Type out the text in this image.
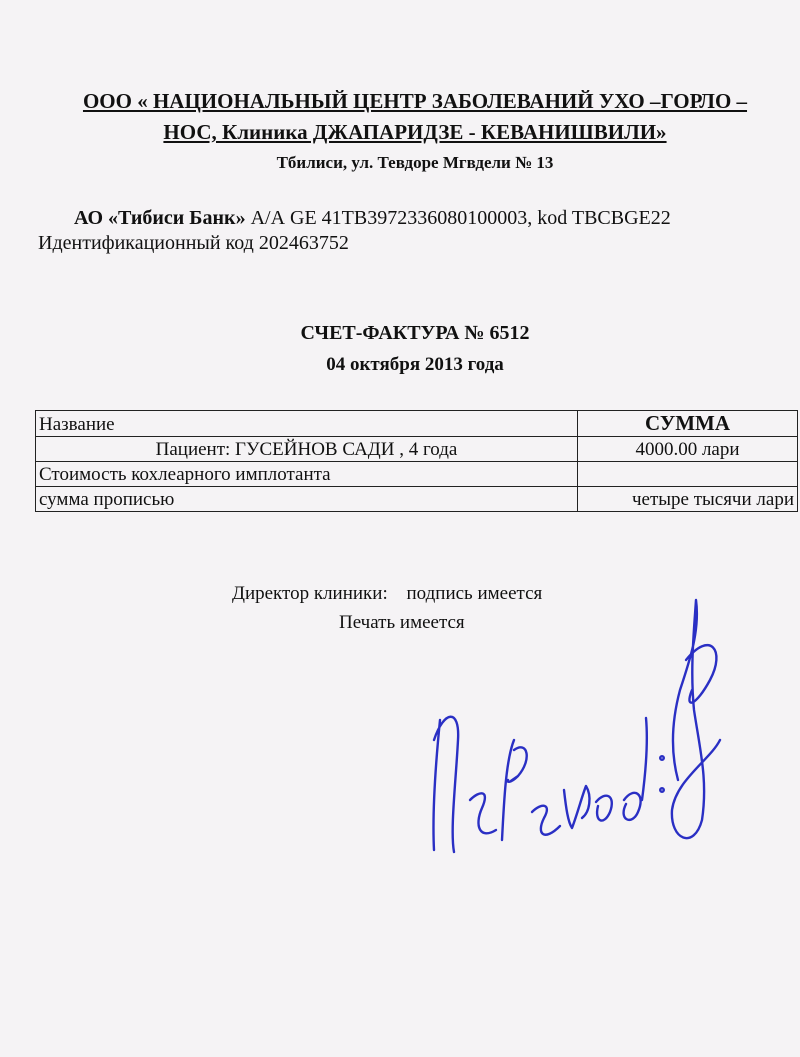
ООО « НАЦИОНАЛЬНЫЙ ЦЕНТР ЗАБОЛЕВАНИЙ УХО –ГОРЛО –
НОС, Клиника ДЖАПАРИДЗЕ - КЕВАНИШВИЛИ»
Тбилиси, ул. Тевдоре Мгвдели № 13
АО «Тибиси Банк» А/А GE 41TB3972336080100003, kod TBCBGE22
Идентификационный код 202463752
СЧЕТ-ФАКТУРА № 6512
04 октября 2013 года
Название	СУММА
Пациент: ГУСЕЙНОВ САДИ , 4 года	4000.00 лари
Стоимость кохлеарного имплотанта	
сумма прописью	четыре тысячи лари
Директор клиники: подпись имеется
Печать имеется
